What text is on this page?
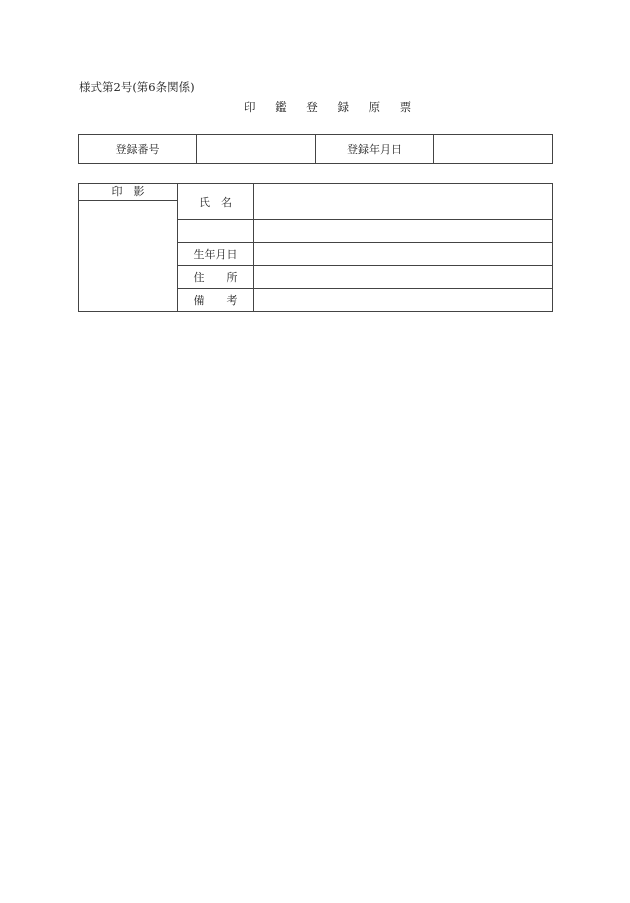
様式第2号(第6条関係)
印 鑑 登 録 原 票
登録番号		登録年月日	
印　影	氏　名	

	生年月日	
	住　　所	
	備　　考	
